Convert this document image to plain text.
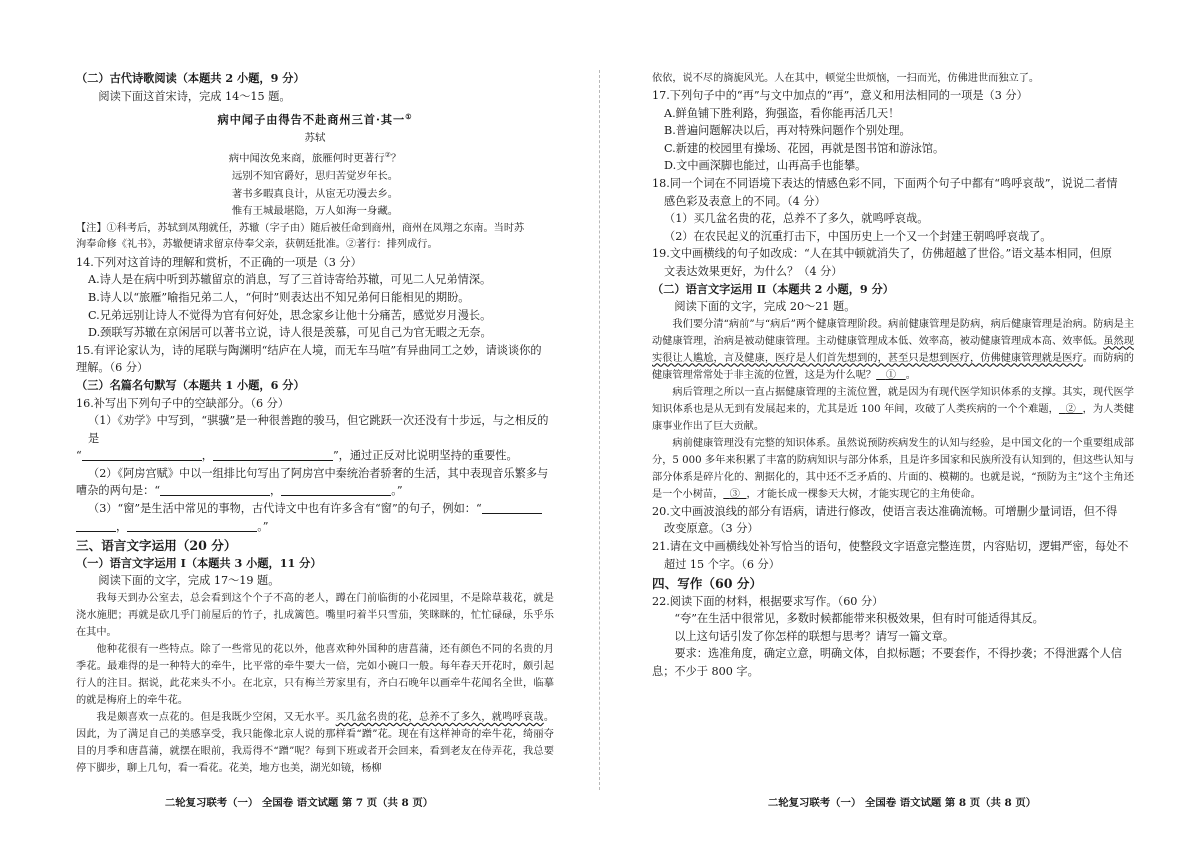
（二）古代诗歌阅读（本题共 2 小题，9 分）

阅读下面这首宋诗，完成 14～15 题。

病中闻子由得告不赴商州三首·其一①

苏轼

病中闻汝免来商，旅雁何时更著行②？

远别不知官爵好，思归苦觉岁年长。

著书多暇真良计，从宦无功漫去乡。

惟有王城最堪隐，万人如海一身藏。

【注】①科考后，苏轼到凤翔就任，苏辙（字子由）随后被任命到商州，商州在凤翔之东南。当时苏

洵奉命修《礼书》，苏辙便请求留京侍奉父亲，获朝廷批准。②著行：排列成行。

14.下列对这首诗的理解和赏析，不正确的一项是（3 分）

A.诗人是在病中听到苏辙留京的消息，写了三首诗寄给苏辙，可见二人兄弟情深。

B.诗人以“旅雁”喻指兄弟二人，“何时”则表达出不知兄弟何日能相见的期盼。

C.兄弟远别让诗人不觉得为官有何好处，思念家乡让他十分痛苦，感觉岁月漫长。

D.颈联写苏辙在京闲居可以著书立说，诗人很是羡慕，可见自己为官无暇之无奈。

15.有评论家认为，诗的尾联与陶渊明“结庐在人境，而无车马喧”有异曲同工之妙，请谈谈你的

理解。（6 分）

（三）名篇名句默写（本题共 1 小题，6 分）

16.补写出下列句子中的空缺部分。（6 分）

（1）《劝学》中写到，“骐骥”是一种很善跑的骏马，但它跳跃一次还没有十步远，与之相反的是

“	，	”，通过正反对比说明坚持的重要性。

（2）《阿房宫赋》中以一组排比句写出了阿房宫中秦统治者骄奢的生活，其中表现音乐繁多与

嘈杂的两句是：“	，	。”

（3）“窗”是生活中常见的事物，古代诗文中也有许多含有“窗”的句子，例如：“

，	。”

三、语言文字运用（20 分）

（一）语言文字运用 Ⅰ（本题共 3 小题，11 分）

阅读下面的文字，完成 17～19 题。

我每天到办公室去，总会看到这个个子不高的老人，蹲在门前临街的小花园里，不是除草栽花，就是浇水施肥；再就是砍几乎门前屋后的竹子，扎成篱笆。嘴里叼着半只雪茄，笑眯眯的，忙忙碌碌，乐乎乐在其中。

他种花很有一些特点。除了一些常见的花以外，他喜欢种外国种的唐菖蒲，还有颜色不同的名贵的月季花。最难得的是一种特大的牵牛，比平常的牵牛要大一倍，完如小碗口一般。每年春天开花时，颇引起行人的注目。据说，此花来头不小。在北京，只有梅兰芳家里有，齐白石晚年以画牵牛花闻名全世，临摹的就是梅府上的牵牛花。

我是颇喜欢一点花的。但是我既少空闲，又无水平。买几盆名贵的花，总养不了多久，就鸣呼哀哉。因此，为了满足自己的美感享受，我只能像北京人说的那样看“蹭”花。现在有这样神奇的牵牛花，绮丽夺目的月季和唐菖蒲，就摆在眼前，我焉得不“蹭”呢？每到下班或者开会回来，看到老友在侍弄花，我总要停下脚步，聊上几句，看一看花。花美，地方也美，湖光如镜，杨柳

二轮复习联考（一） 全国卷 语文试题 第 7 页（共 8 页）

依依，说不尽的旖旎风光。人在其中，顿觉尘世烦恼，一扫而光，仿佛进世而独立了。

17.下列句子中的“再”与文中加点的“再”，意义和用法相同的一项是（3 分）

A.鲜鱼铺下胜利路，狗强盗，看你能再活几天！

B.普遍问题解决以后，再对特殊问题作个别处理。

C.新建的校园里有操场、花园，再就是图书馆和游泳馆。

D.文中画深脚也能过，山再高手也能攀。

18.同一个词在不同语境下表达的情感色彩不同，下面两个句子中都有“鸣呼哀哉”，说说二者情

感色彩及表意上的不同。（4 分）

（1）买几盆名贵的花，总养不了多久，就鸣呼哀哉。

（2）在农民起义的沉重打击下，中国历史上一个又一个封建王朝鸣呼哀哉了。

19.文中画横线的句子如改成：“人在其中顿就消失了，仿佛超越了世俗。”语文基本相同，但原

文表达效果更好，为什么？（4 分）

（二）语言文字运用 Ⅱ（本题共 2 小题，9 分）

阅读下面的文字，完成 20～21 题。

我们要分清“病前”与“病后”两个健康管理阶段。病前健康管理是防病，病后健康管理是治病。防病是主动健康管理，治病是被动健康管理。主动健康管理成本低、效率高，被动健康管理成本高、效率低。虽然现实很让人尴尬，言及健康，医疗是人们首先想到的，甚至只是想到医疗，仿佛健康管理就是医疗。而防病的健康管理常常处于非主流的位置，这是为什么呢？ ① 。

病后管理之所以一直占据健康管理的主流位置，就是因为有现代医学知识体系的支撑。其实，现代医学知识体系也是从无到有发展起来的，尤其是近 100 年间，攻破了人类疾病的一个个难题， ② ，为人类健康事业作出了巨大贡献。

病前健康管理没有完整的知识体系。虽然说预防疾病发生的认知与经验，是中国文化的一个重要组成部分，5 000 多年来积累了丰富的防病知识与部分体系，且是许多国家和民族所没有认知到的，但这些认知与部分体系是碎片化的、割据化的，其中还不乏矛盾的、片面的、模糊的。也就是说，“预防为主”这个主角还是一个小树苗， ③ ，才能长成一棵参天大树，才能实现它的主角使命。

20.文中画波浪线的部分有语病，请进行修改，使语言表达准确流畅。可增删少量词语，但不得

改变原意。（3 分）

21.请在文中画横线处补写恰当的语句，使整段文字语意完整连贯，内容贴切，逻辑严密，每处不

超过 15 个字。（6 分）

四、写作（60 分）

22.阅读下面的材料，根据要求写作。（60 分）

“夸”在生活中很常见，多数时候都能带来积极效果，但有时可能适得其反。

以上这句话引发了你怎样的联想与思考？请写一篇文章。

要求：选准角度，确定立意，明确文体，自拟标题；不要套作，不得抄袭；不得泄露个人信息；不少于 800 字。

二轮复习联考（一） 全国卷 语文试题 第 8 页（共 8 页）
